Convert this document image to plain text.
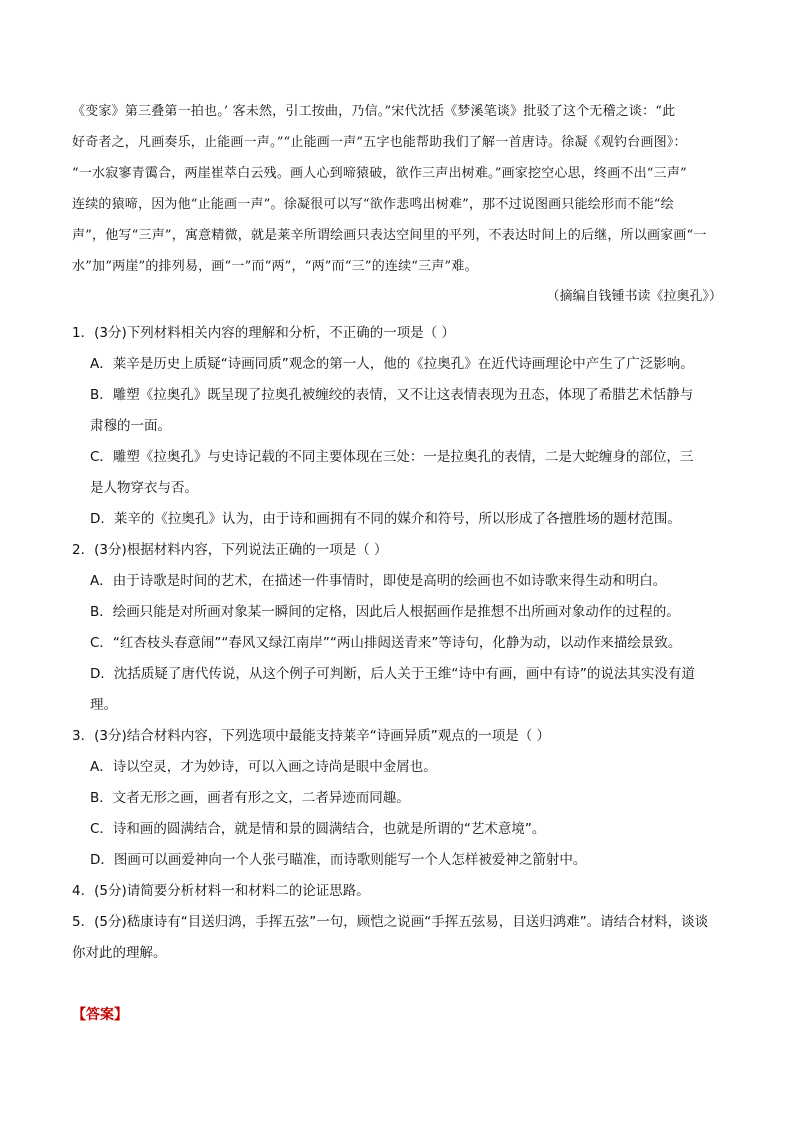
《变家》第三叠第一拍也。’ 客未然，引工按曲，乃信。”宋代沈括《梦溪笔谈》批驳了这个无稽之谈：“此
好奇者之，凡画奏乐，止能画一声。”“止能画一声”五字也能帮助我们了解一首唐诗。徐凝《观钓台画图》：
“一水寂寥青霭合，两崖崔萃白云残。画人心到啼猿破，欲作三声出树难。”画家挖空心思，终画不出“三声”
连续的猿啼，因为他“止能画一声”。徐凝很可以写“欲作悲鸣出树难”，那不过说图画只能绘形而不能“绘
声”，他写“三声”，寓意精微，就是莱辛所谓绘画只表达空间里的平列，不表达时间上的后继，所以画家画“一
水”加“两崖”的排列易，画“一”而“两”，“两”而“三”的连续“三声”难。
（摘编自钱锺书读《拉奥孔》）
1．(3分)下列材料相关内容的理解和分析，不正确的一项是（ ）
A．莱辛是历史上质疑“诗画同质”观念的第一人，他的《拉奥孔》在近代诗画理论中产生了广泛影响。
B．雕塑《拉奥孔》既呈现了拉奥孔被缠绞的表情，又不让这表情表现为丑态，体现了希腊艺术恬静与
肃穆的一面。
C．雕塑《拉奥孔》与史诗记载的不同主要体现在三处：一是拉奥孔的表情，二是大蛇缠身的部位，三
是人物穿衣与否。
D．莱辛的《拉奥孔》认为，由于诗和画拥有不同的媒介和符号，所以形成了各擅胜场的题材范围。
2．(3分)根据材料内容，下列说法正确的一项是（ ）
A．由于诗歌是时间的艺术，在描述一件事情时，即使是高明的绘画也不如诗歌来得生动和明白。
B．绘画只能是对所画对象某一瞬间的定格，因此后人根据画作是推想不出所画对象动作的过程的。
C．“红杏枝头春意闹”“春风又绿江南岸”“两山排闼送青来”等诗句，化静为动，以动作来描绘景致。
D．沈括质疑了唐代传说，从这个例子可判断，后人关于王维“诗中有画，画中有诗”的说法其实没有道
理。
3．(3分)结合材料内容，下列选项中最能支持莱辛“诗画异质”观点的一项是（ ）
A．诗以空灵，才为妙诗，可以入画之诗尚是眼中金屑也。
B．文者无形之画，画者有形之文，二者异迹而同趣。
C．诗和画的圆满结合，就是情和景的圆满结合，也就是所谓的“艺术意境”。
D．图画可以画爱神向一个人张弓瞄准，而诗歌则能写一个人怎样被爱神之箭射中。
4．(5分)请简要分析材料一和材料二的论证思路。
5．(5分)嵇康诗有“目送归鸿，手挥五弦”一句，顾恺之说画“手挥五弦易，目送归鸿难”。请结合材料，谈谈
你对此的理解。
【答案】
